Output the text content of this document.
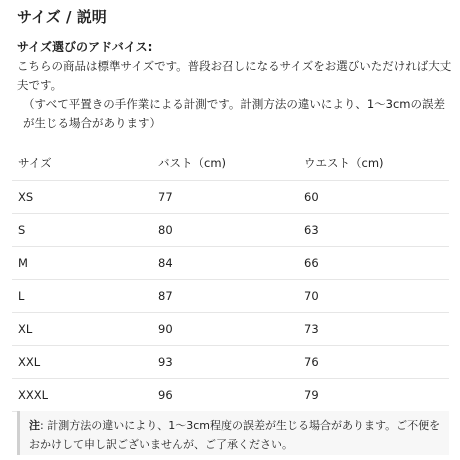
サイズ / 説明
サイズ選びのアドバイス:

こちらの商品は標準サイズです。普段お召しになるサイズをお選びいただければ大丈夫です。

（すべて平置きの手作業による計測です。計測方法の違いにより、1～3cmの誤差が生じる場合があります）

サイズ	バスト（cm)	ウエスト（cm)
XS	77	60
S	80	63
M	84	66
L	87	70
XL	90	73
XXL	93	76
XXXL	96	79
注: 計測方法の違いにより、1～3cm程度の誤差が生じる場合があります。ご不便をおかけして申し訳ございませんが、ご了承ください。
